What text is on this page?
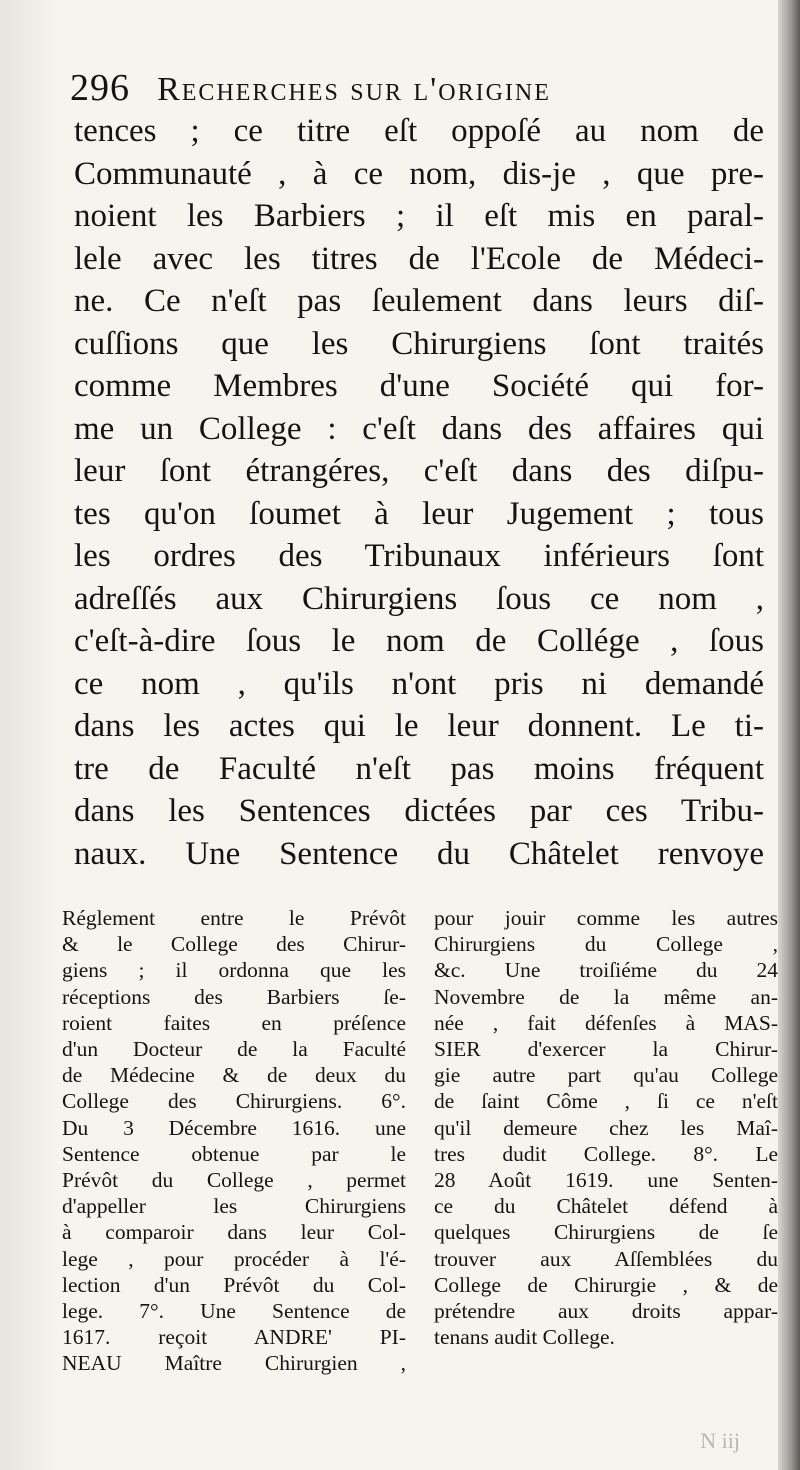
296 Recherches sur l'origine
tences ; ce titre eſt oppoſé au nom de
Communauté , à ce nom, dis-je , que pre-
noient les Barbiers ; il eſt mis en paral-
lele avec les titres de l'Ecole de Médeci-
ne. Ce n'eſt pas ſeulement dans leurs diſ-
cuſſions que les Chirurgiens ſont traités
comme Membres d'une Société qui for-
me un College : c'eſt dans des affaires qui
leur ſont étrangéres, c'eſt dans des diſpu-
tes qu'on ſoumet à leur Jugement ; tous
les ordres des Tribunaux inférieurs ſont
adreſſés aux Chirurgiens ſous ce nom ,
c'eſt-à-dire ſous le nom de Collége , ſous
ce nom , qu'ils n'ont pris ni demandé
dans les actes qui le leur donnent. Le ti-
tre de Faculté n'eſt pas moins fréquent
dans les Sentences dictées par ces Tribu-
naux. Une Sentence du Châtelet renvoye
Réglement entre le Prévôt
& le College des Chirur-
giens ; il ordonna que les
réceptions des Barbiers ſe-
roient faites en préſence
d'un Docteur de la Faculté
de Médecine & de deux du
College des Chirurgiens. 6°.
Du 3 Décembre 1616. une
Sentence obtenue par le
Prévôt du College , permet
d'appeller les Chirurgiens
à comparoir dans leur Col-
lege , pour procéder à l'é-
lection d'un Prévôt du Col-
lege. 7°. Une Sentence de
1617. reçoit ANDRE' PI-
NEAU Maître Chirurgien ,
pour jouir comme les autres
Chirurgiens du College ,
&c. Une troiſiéme du 24
Novembre de la même an-
née , fait défenſes à MAS-
SIER d'exercer la Chirur-
gie autre part qu'au College
de ſaint Côme , ſi ce n'eſt
qu'il demeure chez les Maî-
tres dudit College. 8°. Le
28 Août 1619. une Senten-
ce du Châtelet défend à
quelques Chirurgiens de ſe
trouver aux Aſſemblées du
College de Chirurgie , & de
prétendre aux droits appar-
tenans audit College.
N iij
